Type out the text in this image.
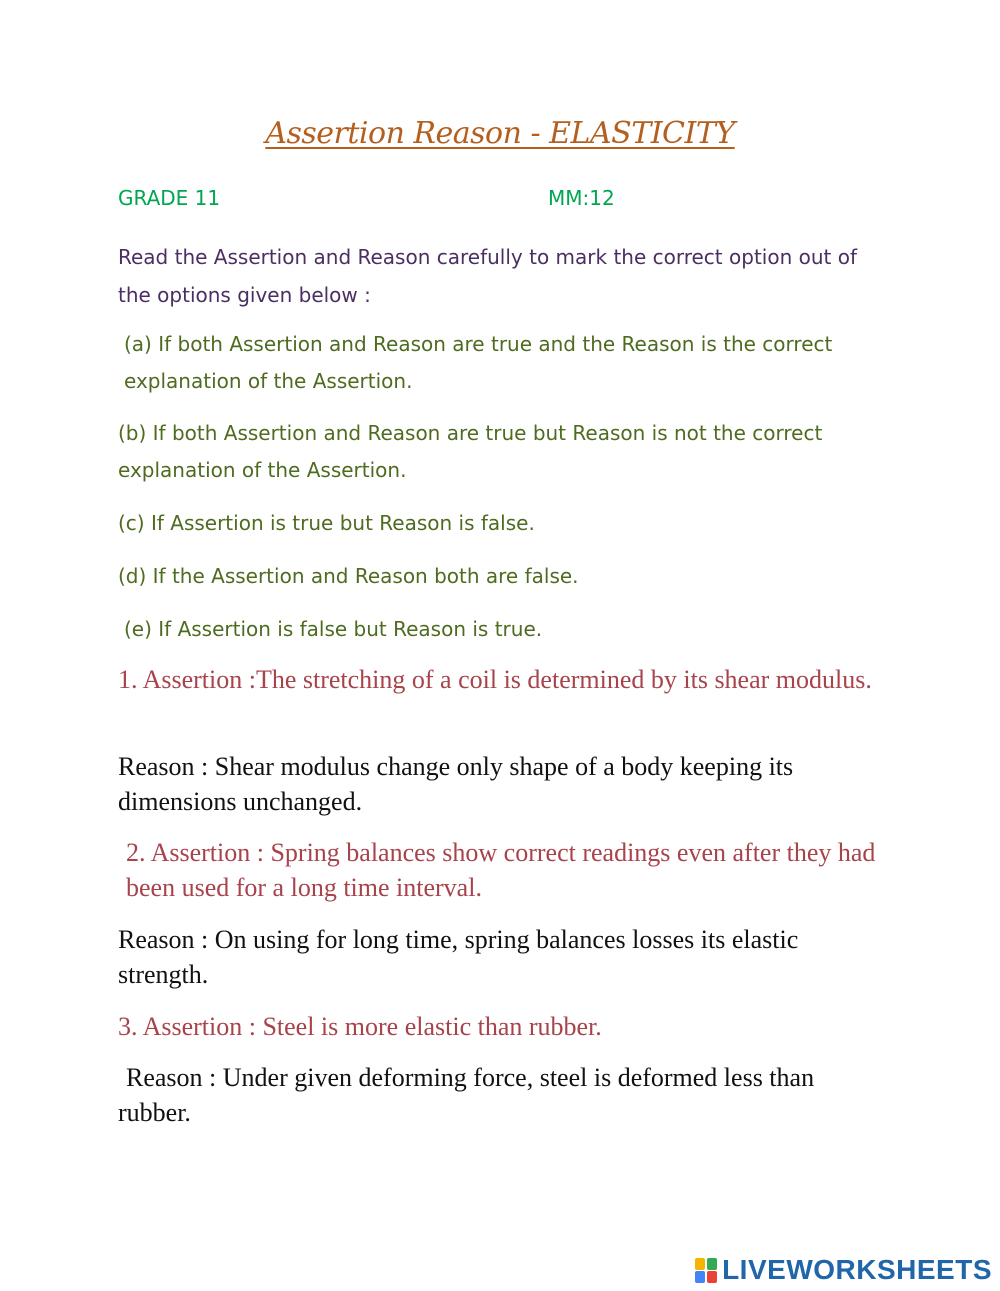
Assertion Reason - ELASTICITY
GRADE 11	MM:12
Read the Assertion and Reason carefully to mark the correct option out of the options given below :
(a) If both Assertion and Reason are true and the Reason is the correct explanation of the Assertion.
(b) If both Assertion and Reason are true but Reason is not the correct explanation of the Assertion.
(c) If Assertion is true but Reason is false.
(d) If the Assertion and Reason both are false.
(e) If Assertion is false but Reason is true.
1. Assertion :The stretching of a coil is determined by its shear modulus.
Reason : Shear modulus change only shape of a body keeping its dimensions unchanged.
2. Assertion : Spring balances show correct readings even after they had been used for a long time interval.
Reason : On using for long time, spring balances losses its elastic strength.
3. Assertion : Steel is more elastic than rubber.
Reason : Under given deforming force, steel is deformed less than rubber.
LIVEWORKSHEETS
